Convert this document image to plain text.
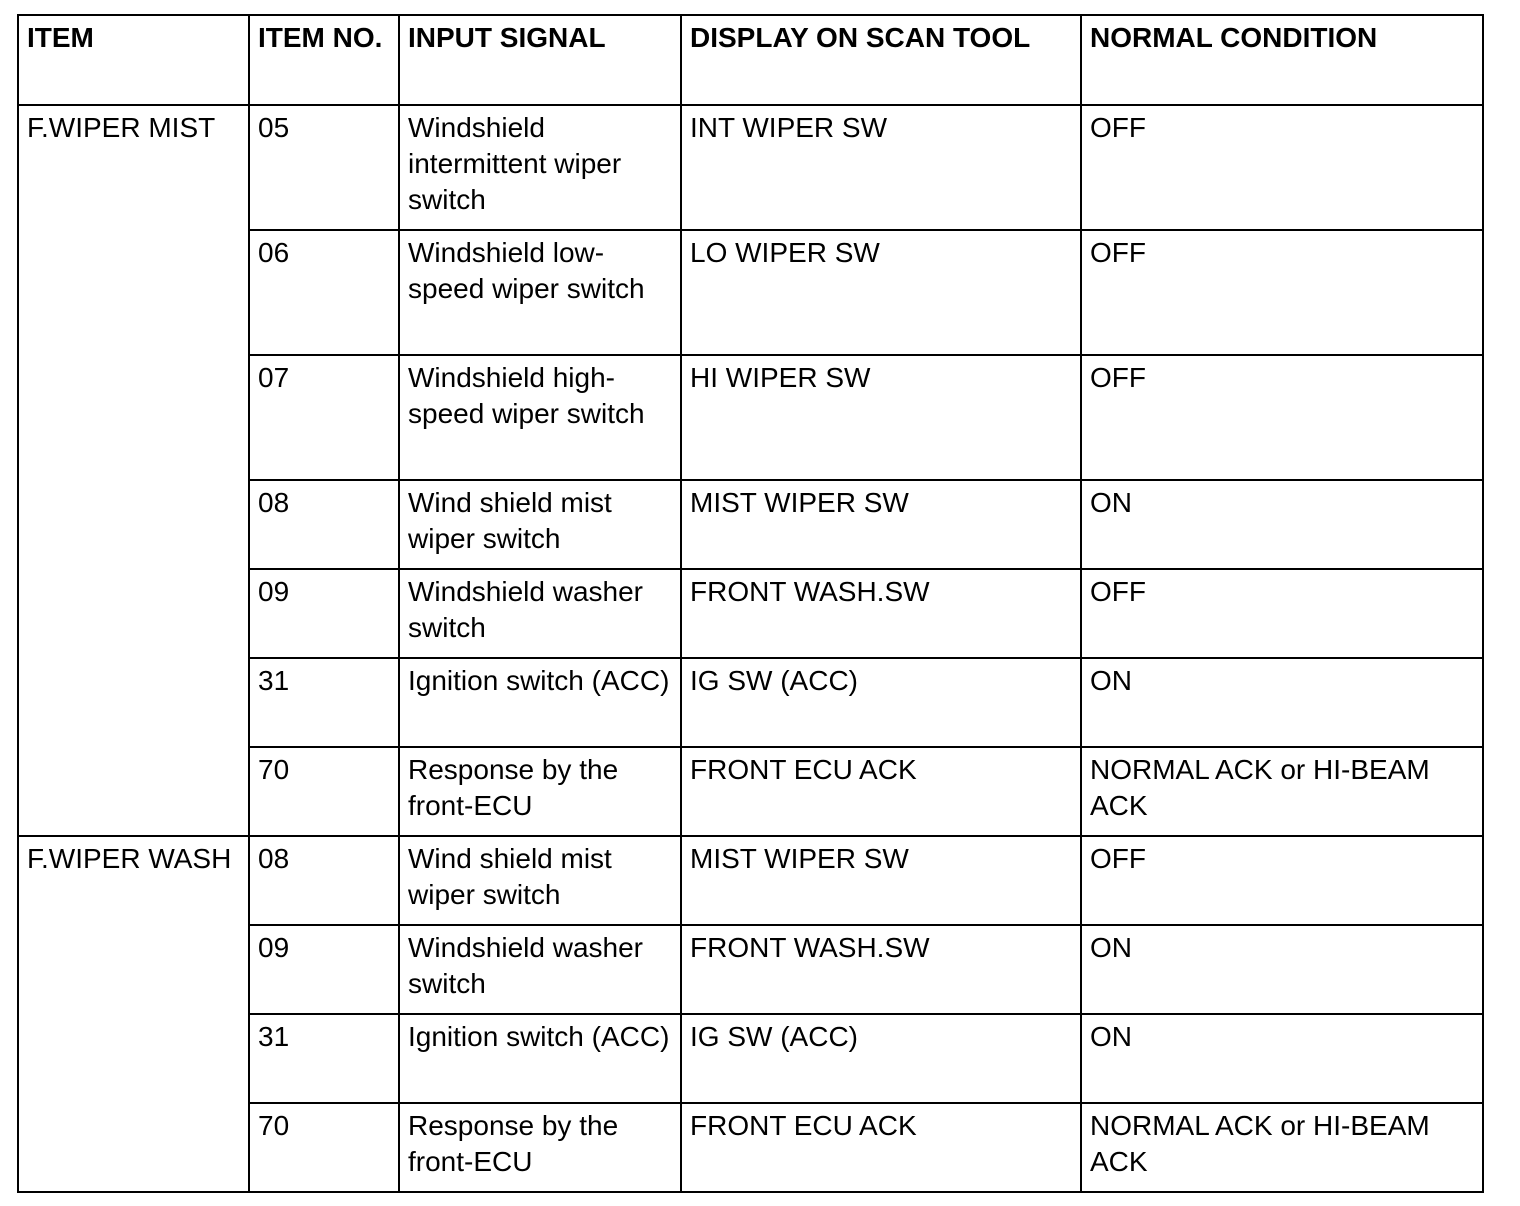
ITEM	ITEM NO.	INPUT SIGNAL	DISPLAY ON SCAN TOOL	NORMAL CONDITION
F.WIPER MIST	05	Windshield intermittent wiper switch	INT WIPER SW	OFF
	06	Windshield low-speed wiper switch	LO WIPER SW	OFF
	07	Windshield high-speed wiper switch	HI WIPER SW	OFF
	08	Wind shield mist wiper switch	MIST WIPER SW	ON
	09	Windshield washer switch	FRONT WASH.SW	OFF
	31	Ignition switch (ACC)	IG SW (ACC)	ON
	70	Response by the front-ECU	FRONT ECU ACK	NORMAL ACK or HI-BEAM ACK
F.WIPER WASH	08	Wind shield mist wiper switch	MIST WIPER SW	OFF
	09	Windshield washer switch	FRONT WASH.SW	ON
	31	Ignition switch (ACC)	IG SW (ACC)	ON
	70	Response by the front-ECU	FRONT ECU ACK	NORMAL ACK or HI-BEAM ACK
